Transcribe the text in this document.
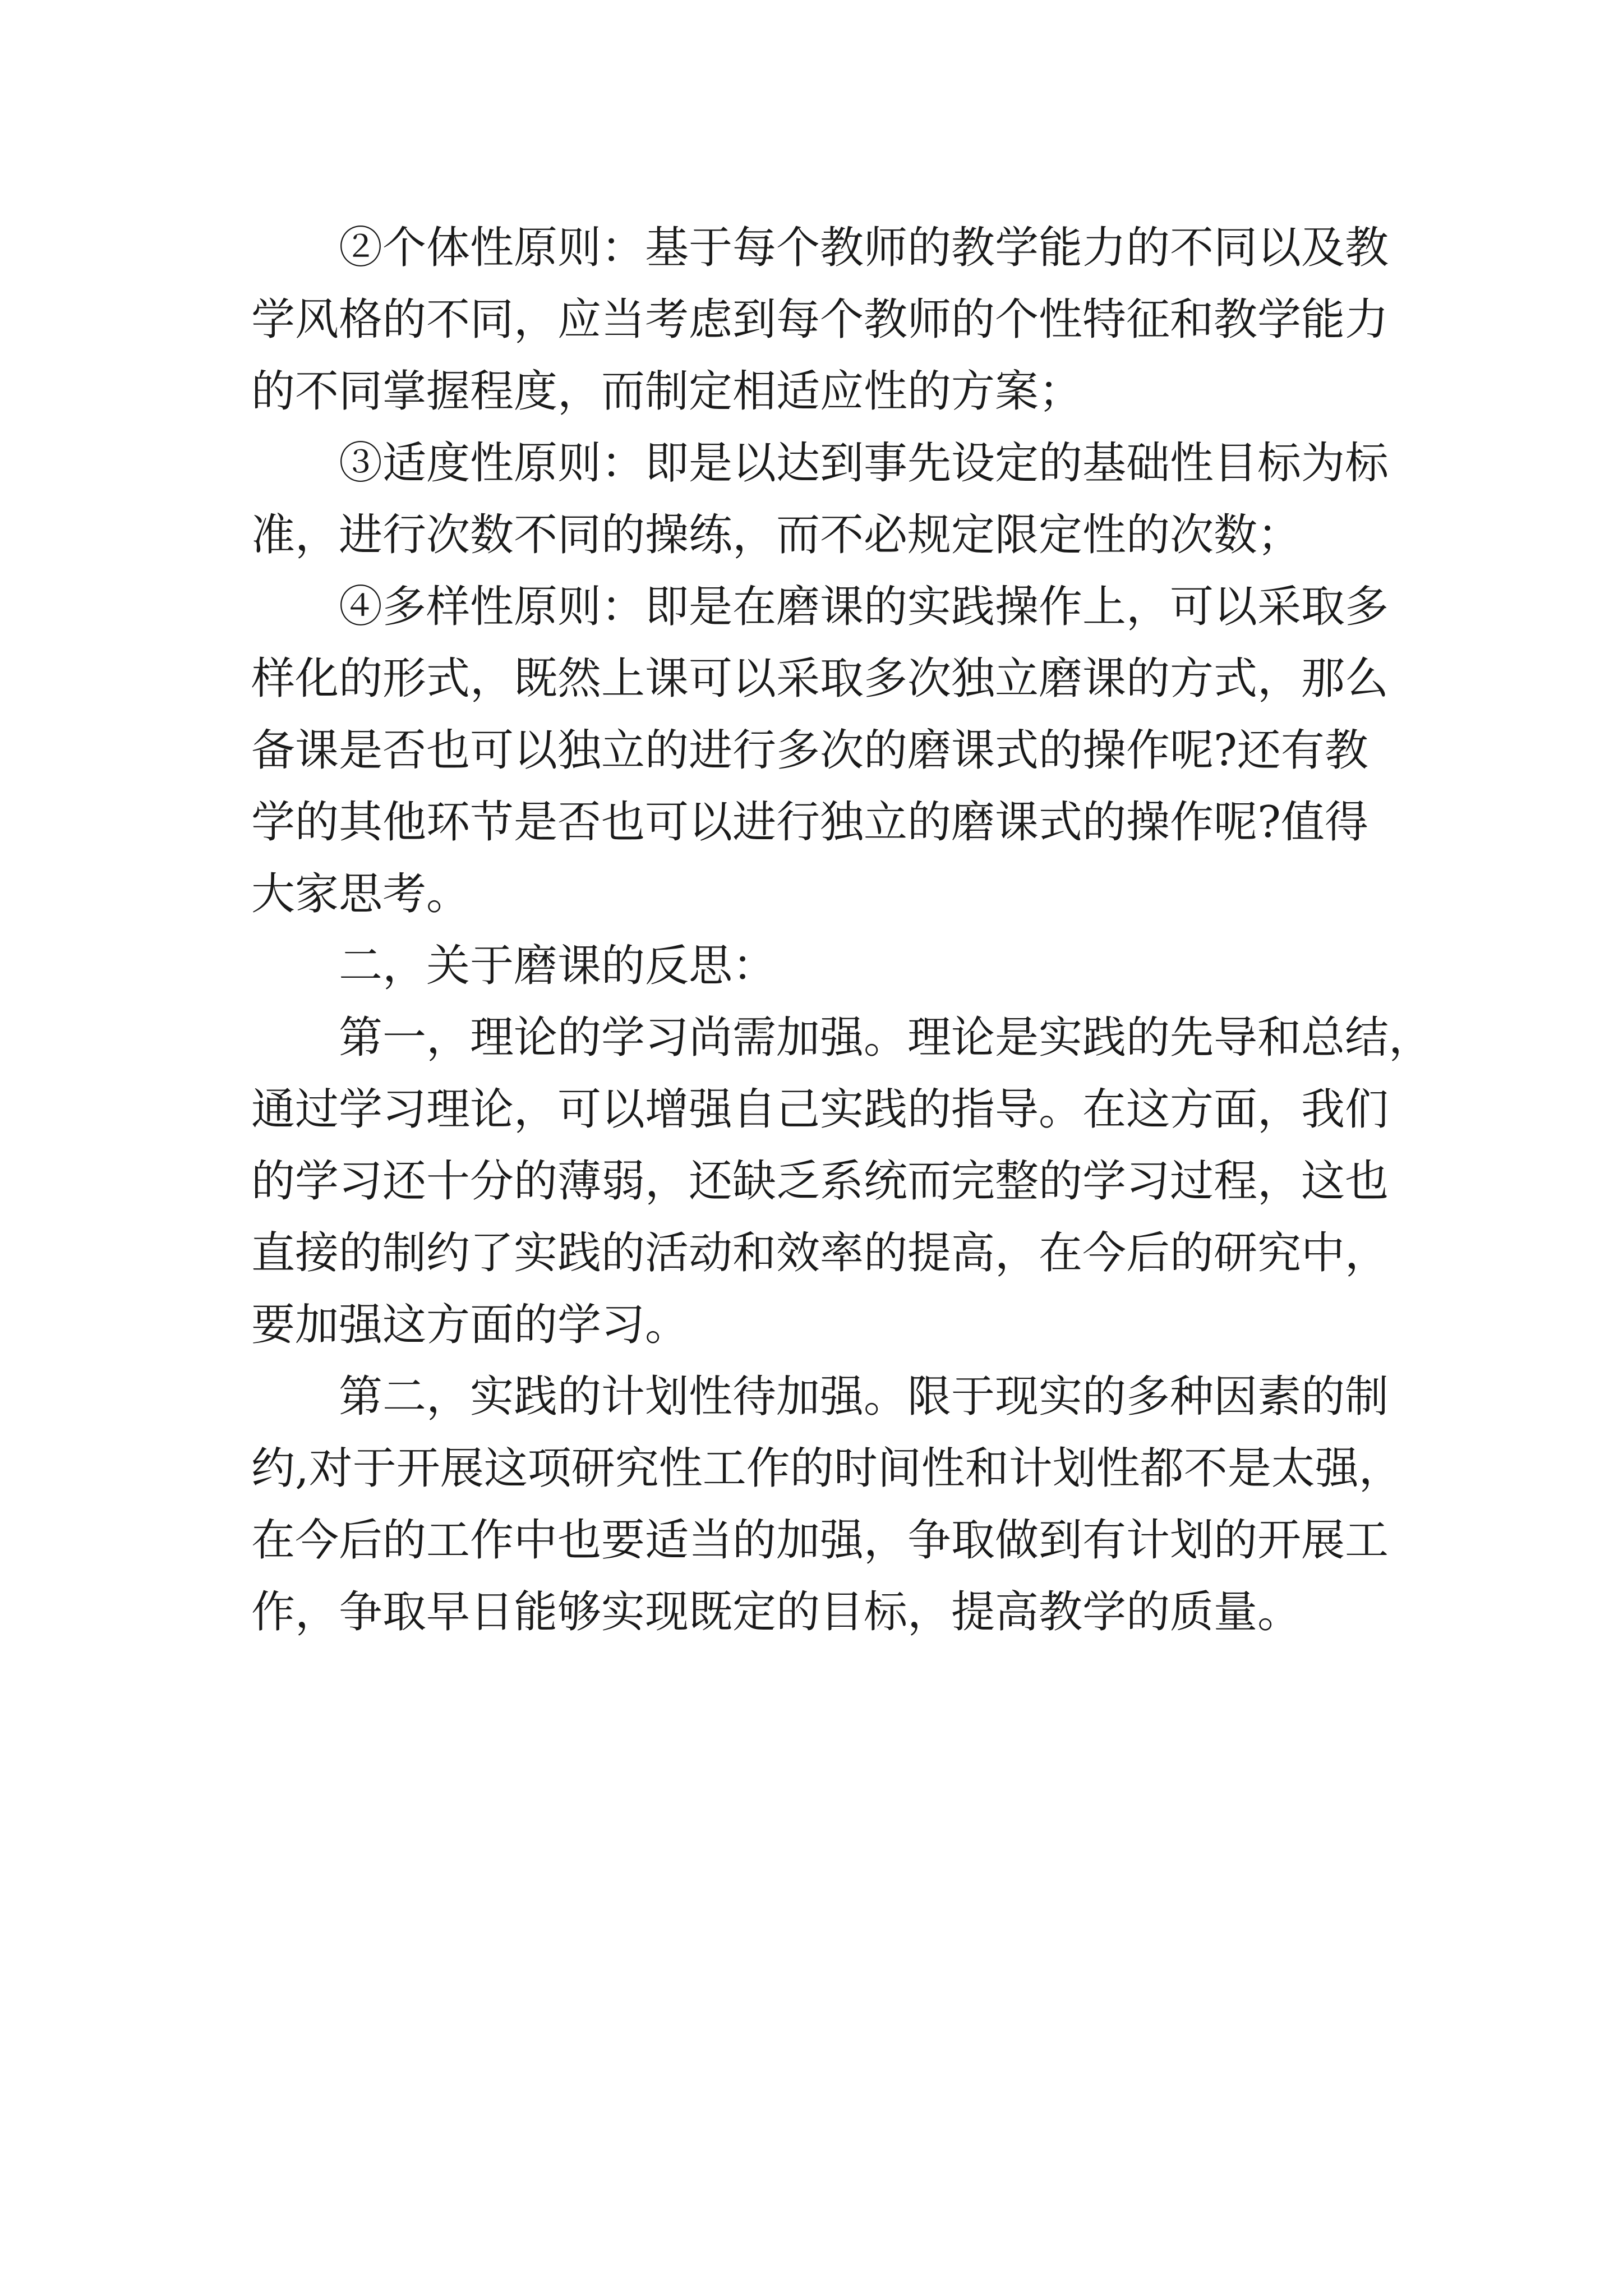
②个体性原则：基于每个教师的教学能力的不同以及教
学风格的不同，应当考虑到每个教师的个性特征和教学能力
的不同掌握程度，而制定相适应性的方案；

③适度性原则：即是以达到事先设定的基础性目标为标
准，进行次数不同的操练，而不必规定限定性的次数；

④多样性原则：即是在磨课的实践操作上，可以采取多
样化的形式，既然上课可以采取多次独立磨课的方式，那么
备课是否也可以独立的进行多次的磨课式的操作呢?还有教
学的其他环节是否也可以进行独立的磨课式的操作呢?值得
大家思考。

二，关于磨课的反思：

第一，理论的学习尚需加强。理论是实践的先导和总结，
通过学习理论，可以增强自己实践的指导。在这方面，我们
的学习还十分的薄弱，还缺乏系统而完整的学习过程，这也
直接的制约了实践的活动和效率的提高，在今后的研究中，
要加强这方面的学习。

第二，实践的计划性待加强。限于现实的多种因素的制
约,对于开展这项研究性工作的时间性和计划性都不是太强，
在今后的工作中也要适当的加强，争取做到有计划的开展工
作，争取早日能够实现既定的目标，提高教学的质量。
